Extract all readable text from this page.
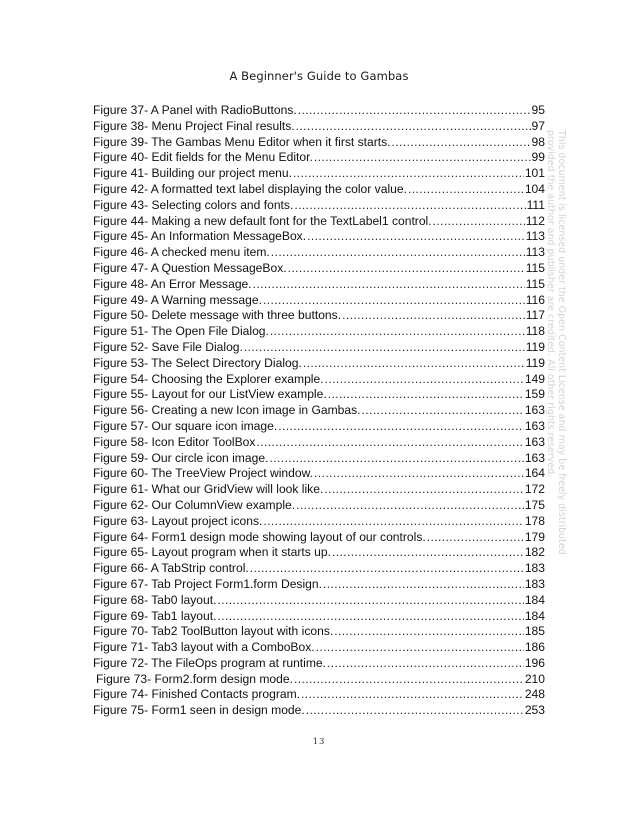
A Beginner's Guide to Gambas
Figure 37- A Panel with RadioButtons. .....	95
Figure 38- Menu Project Final results. .....	97
Figure 39- The Gambas Menu Editor when it first starts. .....	98
Figure 40- Edit fields for the Menu Editor. .....	99
Figure 41- Building our project menu. .....	101
Figure 42- A formatted text label displaying the color value. .....	104
Figure 43- Selecting colors and fonts. .....	111
Figure 44- Making a new default font for the TextLabel1 control. .....	112
Figure 45- An Information MessageBox. .....	113
Figure 46- A checked menu item. .....	113
Figure 47- A Question MessageBox. .....	115
Figure 48- An Error Message. .....	115
Figure 49- A Warning message. .....	116
Figure 50- Delete message with three buttons. .....	117
Figure 51- The Open File Dialog. .....	118
Figure 52- Save File Dialog. .....	119
Figure 53- The Select Directory Dialog. .....	119
Figure 54- Choosing the Explorer example. .....	149
Figure 55- Layout for our ListView example. .....	159
Figure 56- Creating a new Icon image in Gambas. .....	163
Figure 57- Our square icon image. .....	163
Figure 58- Icon Editor ToolBox .....	163
Figure 59- Our circle icon image. .....	163
Figure 60- The TreeView Project window. .....	164
Figure 61- What our GridView will look like. .....	172
Figure 62- Our ColumnView example. .....	175
Figure 63- Layout project icons. .....	178
Figure 64- Form1 design mode showing layout of our controls. .....	179
Figure 65- Layout program when it starts up. .....	182
Figure 66- A TabStrip control. .....	183
Figure 67- Tab Project Form1.form Design. .....	183
Figure 68- Tab0 layout. .....	184
Figure 69- Tab1 layout. .....	184
Figure 70- Tab2 ToolButton layout with icons. .....	185
Figure 71- Tab3 layout with a ComboBox. .....	186
Figure 72- The FileOps program at runtime. .....	196
Figure 73- Form2.form design mode. .....	210
Figure 74- Finished Contacts program. .....	248
Figure 75- Form1 seen in design mode. .....	253
This document is licensed under the Open Content License and may be freely distributed
provided the author and publisher are credited. All other rights reserved.
13
